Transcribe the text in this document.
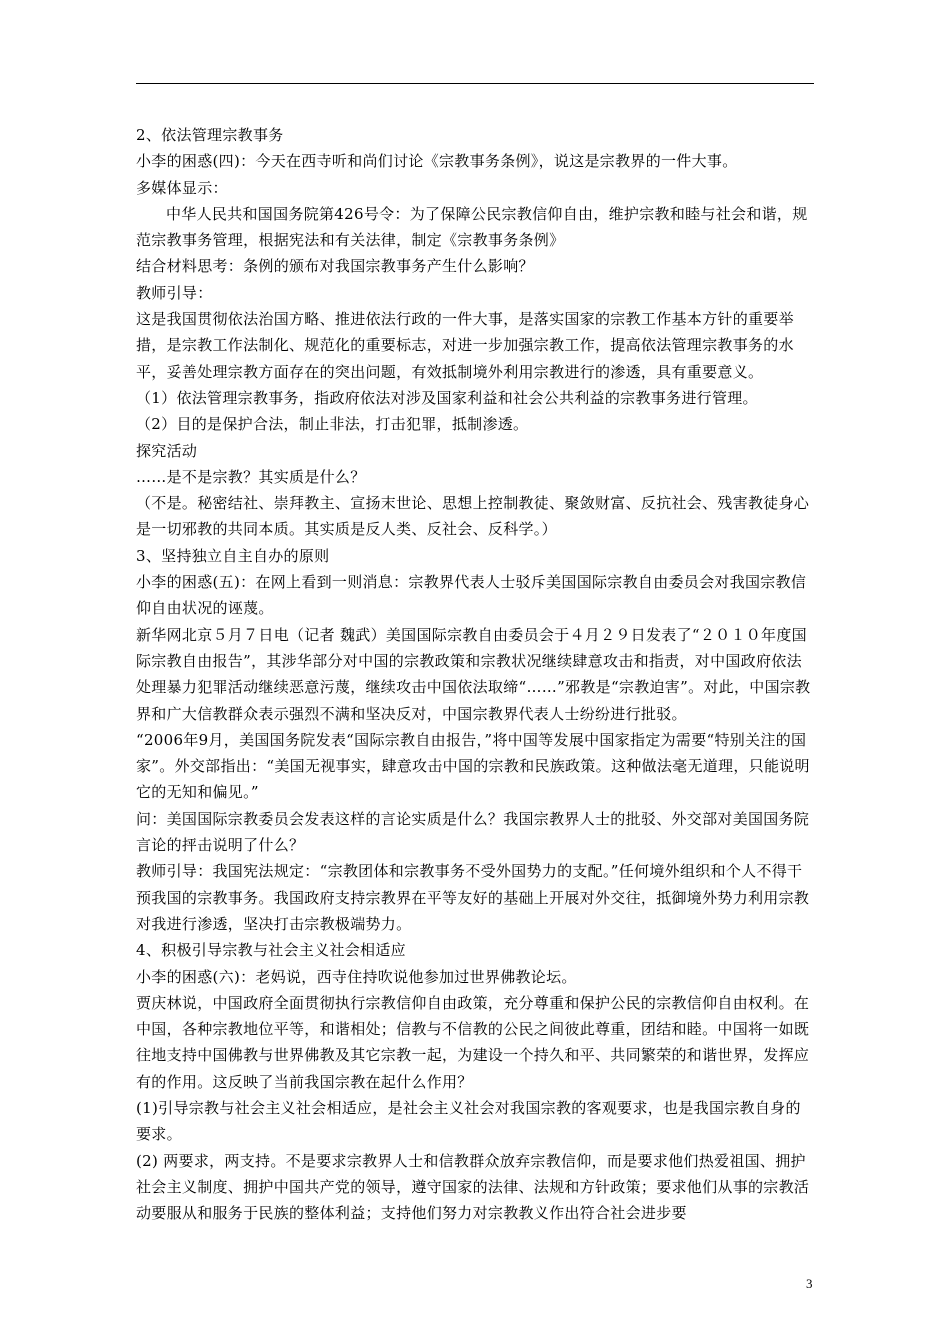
2、依法管理宗教事务

小李的困惑(四)：今天在西寺听和尚们讨论《宗教事务条例》，说这是宗教界的一件大事。

多媒体显示：

中华人民共和国国务院第426号令：为了保障公民宗教信仰自由，维护宗教和睦与社会和谐，规范宗教事务管理，根据宪法和有关法律，制定《宗教事务条例》

结合材料思考：条例的颁布对我国宗教事务产生什么影响？

教师引导：

这是我国贯彻依法治国方略、推进依法行政的一件大事，是落实国家的宗教工作基本方针的重要举措，是宗教工作法制化、规范化的重要标志，对进一步加强宗教工作，提高依法管理宗教事务的水平，妥善处理宗教方面存在的突出问题，有效抵制境外利用宗教进行的渗透，具有重要意义。

（1）依法管理宗教事务，指政府依法对涉及国家利益和社会公共利益的宗教事务进行管理。

（2）目的是保护合法，制止非法，打击犯罪，抵制渗透。

探究活动

……是不是宗教？其实质是什么？

（不是。秘密结社、崇拜教主、宣扬末世论、思想上控制教徒、聚敛财富、反抗社会、残害教徒身心是一切邪教的共同本质。其实质是反人类、反社会、反科学。）

3、坚持独立自主自办的原则

小李的困惑(五)：在网上看到一则消息：宗教界代表人士驳斥美国国际宗教自由委员会对我国宗教信仰自由状况的诬蔑。

新华网北京５月７日电（记者 魏武）美国国际宗教自由委员会于４月２９日发表了“２０１０年度国际宗教自由报告”，其涉华部分对中国的宗教政策和宗教状况继续肆意攻击和指责，对中国政府依法处理暴力犯罪活动继续恶意污蔑，继续攻击中国依法取缔“……”邪教是“宗教迫害”。对此，中国宗教界和广大信教群众表示强烈不满和坚决反对，中国宗教界代表人士纷纷进行批驳。

“2006年9月，美国国务院发表“国际宗教自由报告，”将中国等发展中国家指定为需要“特别关注的国家”。外交部指出：“美国无视事实，肆意攻击中国的宗教和民族政策。这种做法毫无道理，只能说明它的无知和偏见。”

问：美国国际宗教委员会发表这样的言论实质是什么？我国宗教界人士的批驳、外交部对美国国务院言论的抨击说明了什么？

教师引导：我国宪法规定：“宗教团体和宗教事务不受外国势力的支配。”任何境外组织和个人不得干预我国的宗教事务。我国政府支持宗教界在平等友好的基础上开展对外交往，抵御境外势力利用宗教对我进行渗透，坚决打击宗教极端势力。

4、积极引导宗教与社会主义社会相适应

小李的困惑(六)：老妈说，西寺住持吹说他参加过世界佛教论坛。

贾庆林说，中国政府全面贯彻执行宗教信仰自由政策，充分尊重和保护公民的宗教信仰自由权利。在中国，各种宗教地位平等，和谐相处；信教与不信教的公民之间彼此尊重，团结和睦。中国将一如既往地支持中国佛教与世界佛教及其它宗教一起，为建设一个持久和平、共同繁荣的和谐世界，发挥应有的作用。这反映了当前我国宗教在起什么作用？

(1)引导宗教与社会主义社会相适应，是社会主义社会对我国宗教的客观要求，也是我国宗教自身的要求。

(2) 两要求，两支持。不是要求宗教界人士和信教群众放弃宗教信仰，而是要求他们热爱祖国、拥护社会主义制度、拥护中国共产党的领导，遵守国家的法律、法规和方针政策；要求他们从事的宗教活动要服从和服务于民族的整体利益；支持他们努力对宗教教义作出符合社会进步要

3
